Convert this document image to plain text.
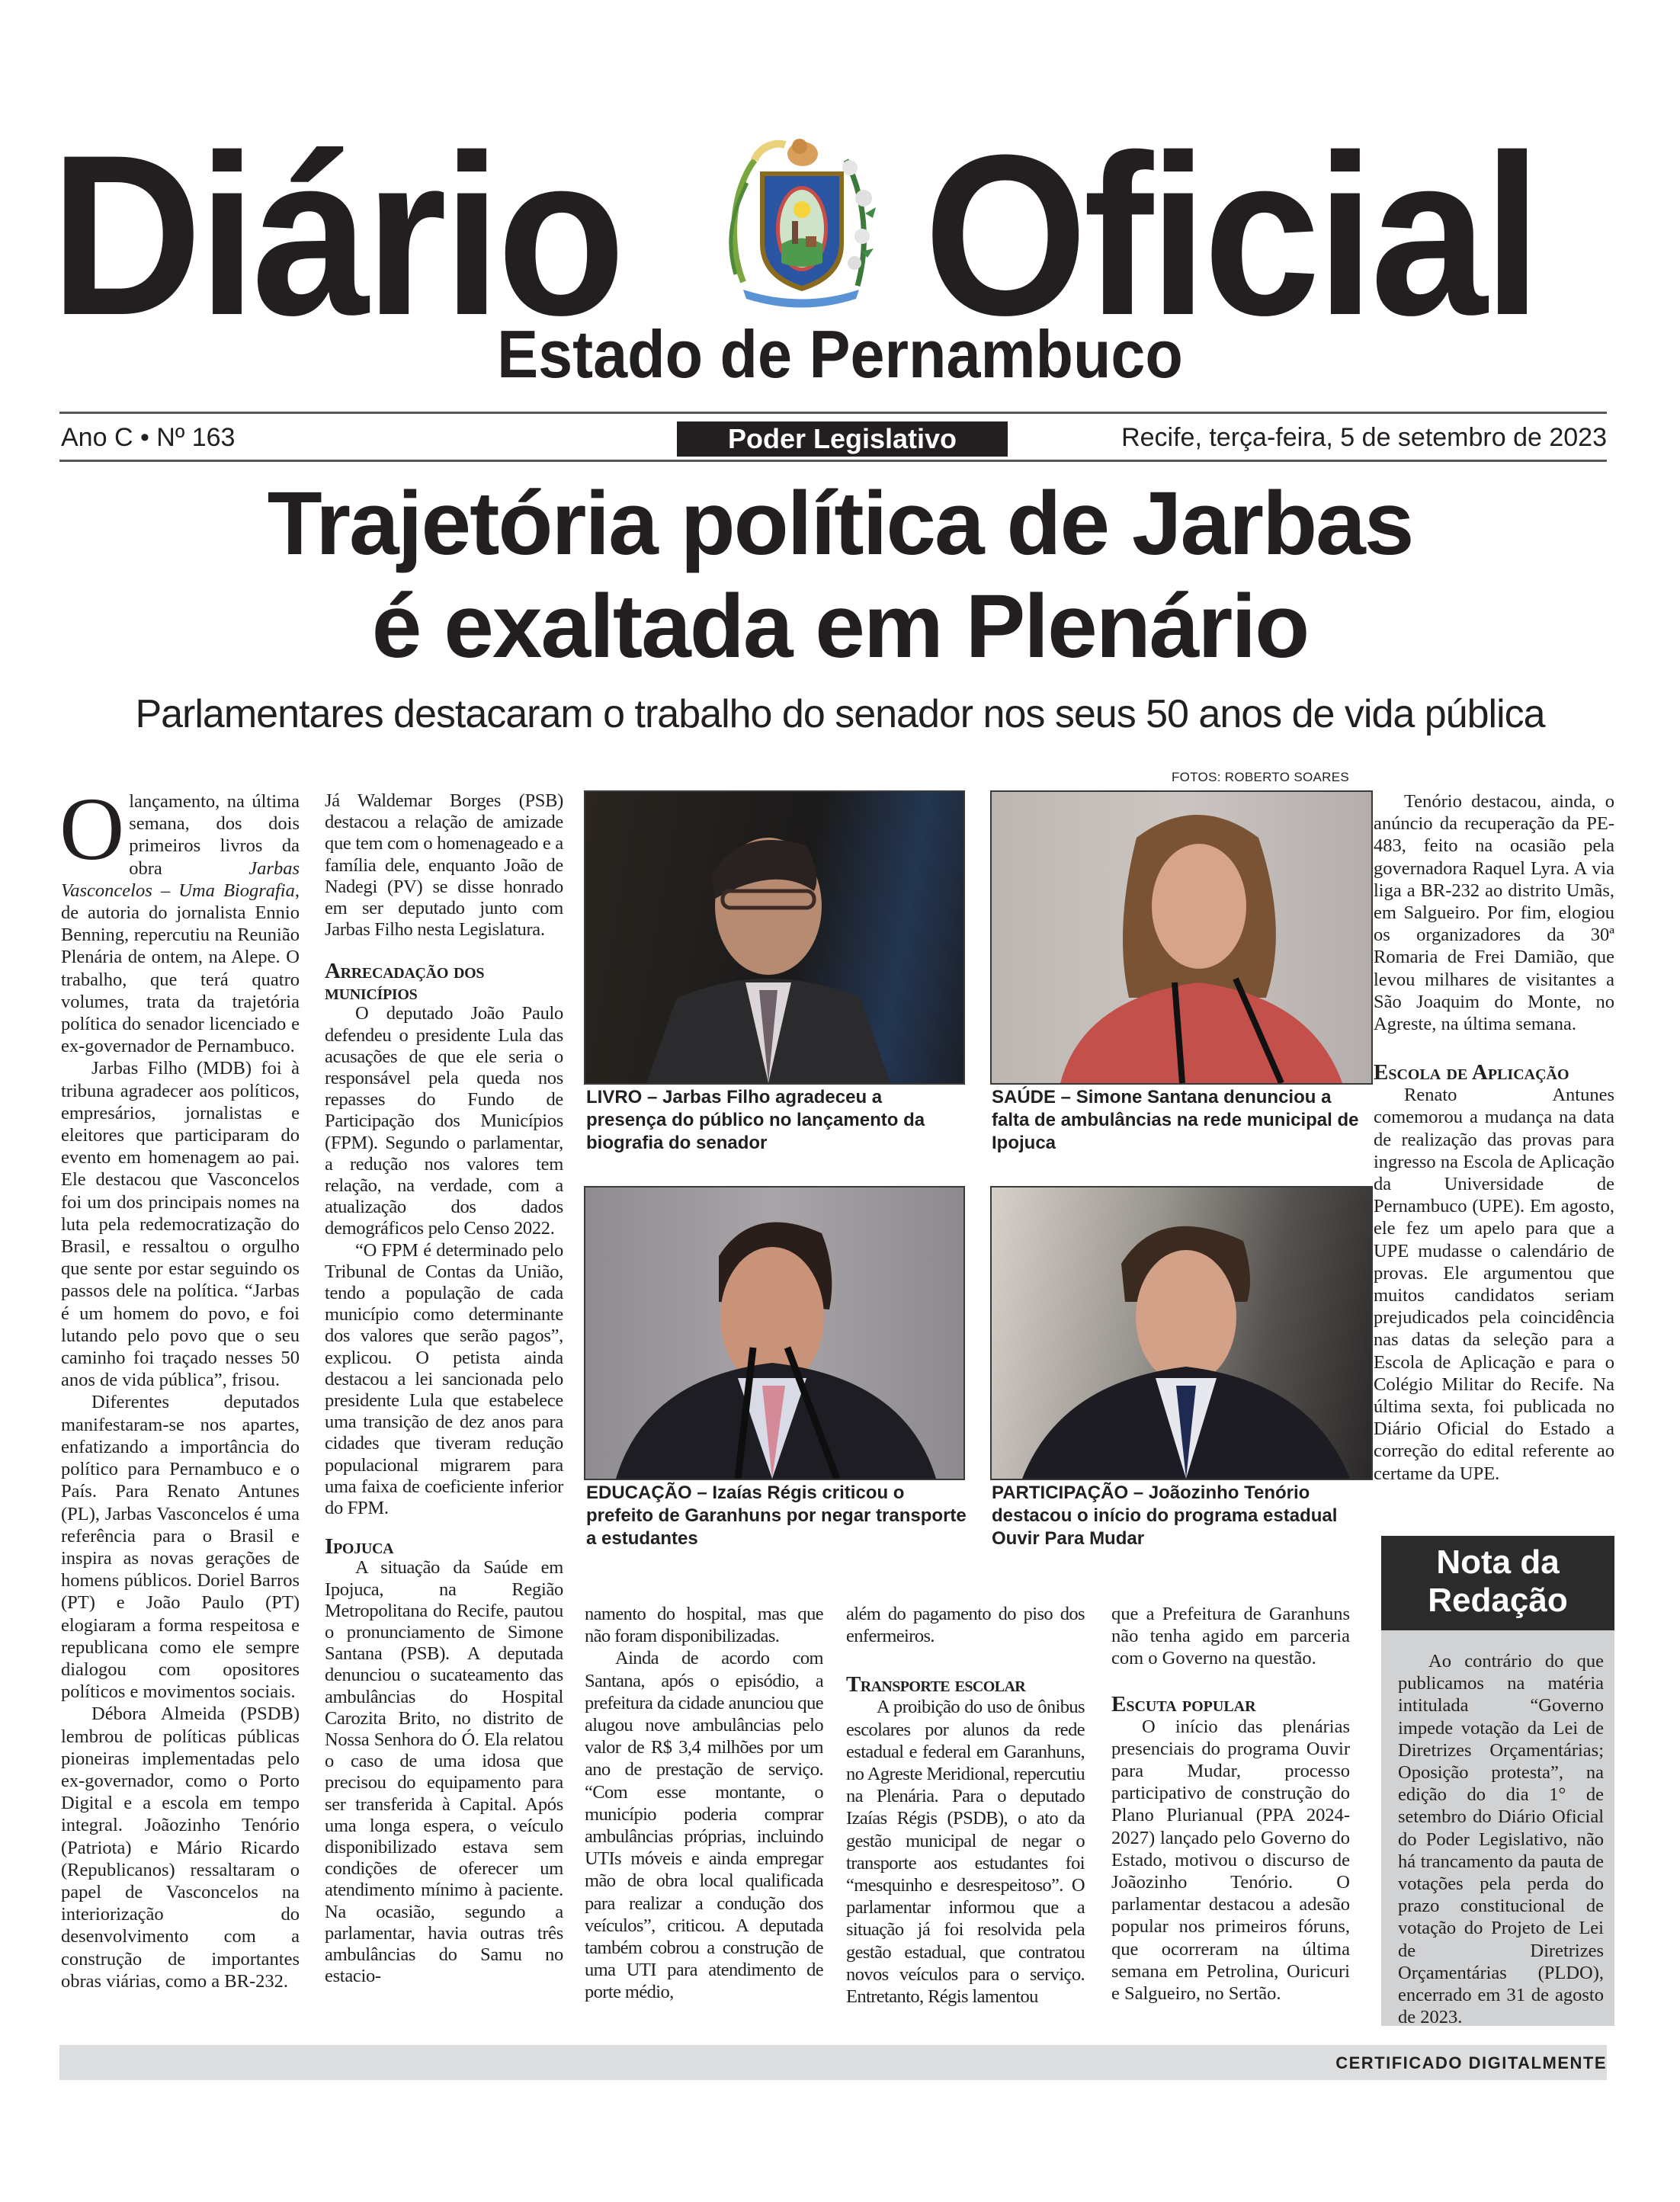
Diário Oficial
Estado de Pernambuco
Ano C • Nº 163	Poder Legislativo	Recife, terça-feira, 5 de setembro de 2023
Trajetória política de Jarbas
é exaltada em Plenário
Parlamentares destacaram o trabalho do senador nos seus 50 anos de vida pública

O lançamento, na última semana, dos dois primeiros livros da obra Jarbas Vasconcelos – Uma Biografia, de autoria do jornalista Ennio Benning, repercutiu na Reunião Plenária de ontem, na Alepe. O trabalho, que terá quatro volumes, trata da trajetória política do senador licenciado e ex-governador de Pernambuco.

Jarbas Filho (MDB) foi à tribuna agradecer aos políticos, empresários, jornalistas e eleitores que participaram do evento em homenagem ao pai. Ele destacou que Vasconcelos foi um dos principais nomes na luta pela redemocratização do Brasil, e ressaltou o orgulho que sente por estar seguindo os passos dele na política. “Jarbas é um homem do povo, e foi lutando pelo povo que o seu caminho foi traçado nesses 50 anos de vida pública”, frisou.

Diferentes deputados manifestaram-se nos apartes, enfatizando a importância do político para Pernambuco e o País. Para Renato Antunes (PL), Jarbas Vasconcelos é uma referência para o Brasil e inspira as novas gerações de homens públicos. Doriel Barros (PT) e João Paulo (PT) elogiaram a forma respeitosa e republicana como ele sempre dialogou com opositores políticos e movimentos sociais.

Débora Almeida (PSDB) lembrou de políticas públicas pioneiras implementadas pelo ex-governador, como o Porto Digital e a escola em tempo integral. Joãozinho Tenório (Patriota) e Mário Ricardo (Republicanos) ressaltaram o papel de Vasconcelos na interiorização do desenvolvimento com a construção de importantes obras viárias, como a BR-232.

Já Waldemar Borges (PSB) destacou a relação de amizade que tem com o homenageado e a família dele, enquanto João de Nadegi (PV) se disse honrado em ser deputado junto com Jarbas Filho nesta Legislatura.

Arrecadação dos municípios

O deputado João Paulo defendeu o presidente Lula das acusações de que ele seria o responsável pela queda nos repasses do Fundo de Participação dos Municípios (FPM). Segundo o parlamentar, a redução nos valores tem relação, na verdade, com a atualização dos dados demográficos pelo Censo 2022.

“O FPM é determinado pelo Tribunal de Contas da União, tendo a população de cada município como determinante dos valores que serão pagos”, explicou. O petista ainda destacou a lei sancionada pelo presidente Lula que estabelece uma transição de dez anos para cidades que tiveram redução populacional migrarem para uma faixa de coeficiente inferior do FPM.

Ipojuca

A situação da Saúde em Ipojuca, na Região Metropolitana do Recife, pautou o pronunciamento de Simone Santana (PSB). A deputada denunciou o sucateamento das ambulâncias do Hospital Carozita Brito, no distrito de Nossa Senhora do Ó. Ela relatou o caso de uma idosa que precisou do equipamento para ser transferida à Capital. Após uma longa espera, o veículo disponibilizado estava sem condições de oferecer um atendimento mínimo à paciente. Na ocasião, segundo a parlamentar, havia outras três ambulâncias do Samu no estacio-

FOTOS: ROBERTO SOARES
LIVRO – Jarbas Filho agradeceu a presença do público no lançamento da biografia do senador
SAÚDE – Simone Santana denunciou a falta de ambulâncias na rede municipal de Ipojuca
EDUCAÇÃO – Izaías Régis criticou o prefeito de Garanhuns por negar transporte a estudantes
PARTICIPAÇÃO – Joãozinho Tenório destacou o início do programa estadual Ouvir Para Mudar

namento do hospital, mas que não foram disponibilizadas.

Ainda de acordo com Santana, após o episódio, a prefeitura da cidade anunciou que alugou nove ambulâncias pelo valor de R$ 3,4 milhões por um ano de prestação de serviço. “Com esse montante, o município poderia comprar ambulâncias próprias, incluindo UTIs móveis e ainda empregar mão de obra local qualificada para realizar a condução dos veículos”, criticou. A deputada também cobrou a construção de uma UTI para atendimento de porte médio,

além do pagamento do piso dos enfermeiros.

Transporte escolar

A proibição do uso de ônibus escolares por alunos da rede estadual e federal em Garanhuns, no Agreste Meridional, repercutiu na Plenária. Para o deputado Izaías Régis (PSDB), o ato da gestão municipal de negar o transporte aos estudantes foi “mesquinho e desrespeitoso”. O parlamentar informou que a situação já foi resolvida pela gestão estadual, que contratou novos veículos para o serviço. Entretanto, Régis lamentou

que a Prefeitura de Garanhuns não tenha agido em parceria com o Governo na questão.

Escuta popular

O início das plenárias presenciais do programa Ouvir para Mudar, processo participativo de construção do Plano Plurianual (PPA 2024-2027) lançado pelo Governo do Estado, motivou o discurso de Joãozinho Tenório. O parlamentar destacou a adesão popular nos primeiros fóruns, que ocorreram na última semana em Petrolina, Ouricuri e Salgueiro, no Sertão.

Tenório destacou, ainda, o anúncio da recuperação da PE-483, feito na ocasião pela governadora Raquel Lyra. A via liga a BR-232 ao distrito Umãs, em Salgueiro. Por fim, elogiou os organizadores da 30ª Romaria de Frei Damião, que levou milhares de visitantes a São Joaquim do Monte, no Agreste, na última semana.

Escola de Aplicação

Renato Antunes comemorou a mudança na data de realização das provas para ingresso na Escola de Aplicação da Universidade de Pernambuco (UPE). Em agosto, ele fez um apelo para que a UPE mudasse o calendário de provas. Ele argumentou que muitos candidatos seriam prejudicados pela coincidência nas datas da seleção para a Escola de Aplicação e para o Colégio Militar do Recife. Na última sexta, foi publicada no Diário Oficial do Estado a correção do edital referente ao certame da UPE.

Nota da
Redação

Ao contrário do que publicamos na matéria intitulada “Governo impede votação da Lei de Diretrizes Orçamentárias; Oposição protesta”, na edição do dia 1° de setembro do Diário Oficial do Poder Legislativo, não há trancamento da pauta de votações pela perda do prazo constitucional de votação do Projeto de Lei de Diretrizes Orçamentárias (PLDO), encerrado em 31 de agosto de 2023.

CERTIFICADO DIGITALMENTE
